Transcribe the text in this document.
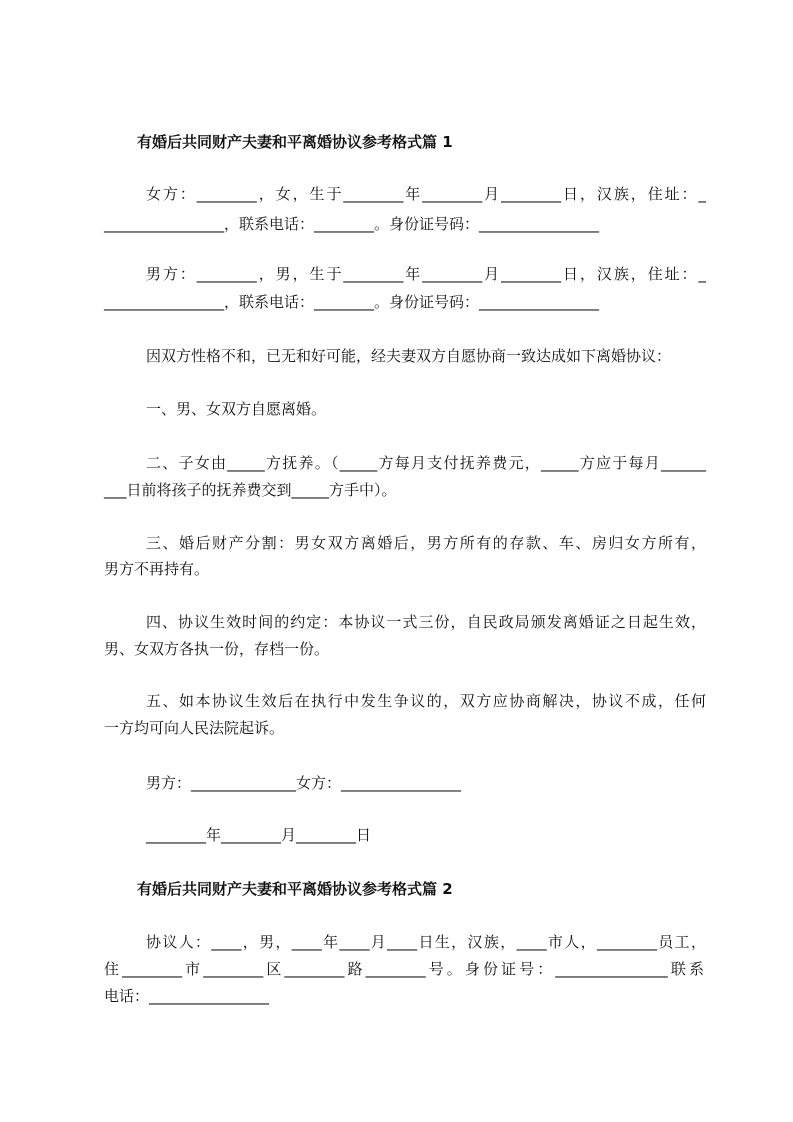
有婚后共同财产夫妻和平离婚协议参考格式篇 1
女方：________，女，生于________年________月________日，汉族，住址：_
________________，联系电话：________。身份证号码：________________
男方：________，男，生于________年________月________日，汉族，住址：_
________________，联系电话：________。身份证号码：________________
因双方性格不和，已无和好可能，经夫妻双方自愿协商一致达成如下离婚协议：
一、男、女双方自愿离婚。
二、子女由_____方抚养。（_____方每月支付抚养费元，_____方应于每月______
___日前将孩子的抚养费交到_____方手中）。
三、婚后财产分割：男女双方离婚后，男方所有的存款、车、房归女方所有，
男方不再持有。
四、协议生效时间的约定：本协议一式三份，自民政局颁发离婚证之日起生效，
男、女双方各执一份，存档一份。
五、如本协议生效后在执行中发生争议的，双方应协商解决，协议不成，任何
一方均可向人民法院起诉。
男方：______________女方：________________
________年________月________日
有婚后共同财产夫妻和平离婚协议参考格式篇 2
协议人：____，男，____年____月____日生，汉族，____市人，________员工，
住________市________区________路________号。身份证号：_______________联系
电话：________________
